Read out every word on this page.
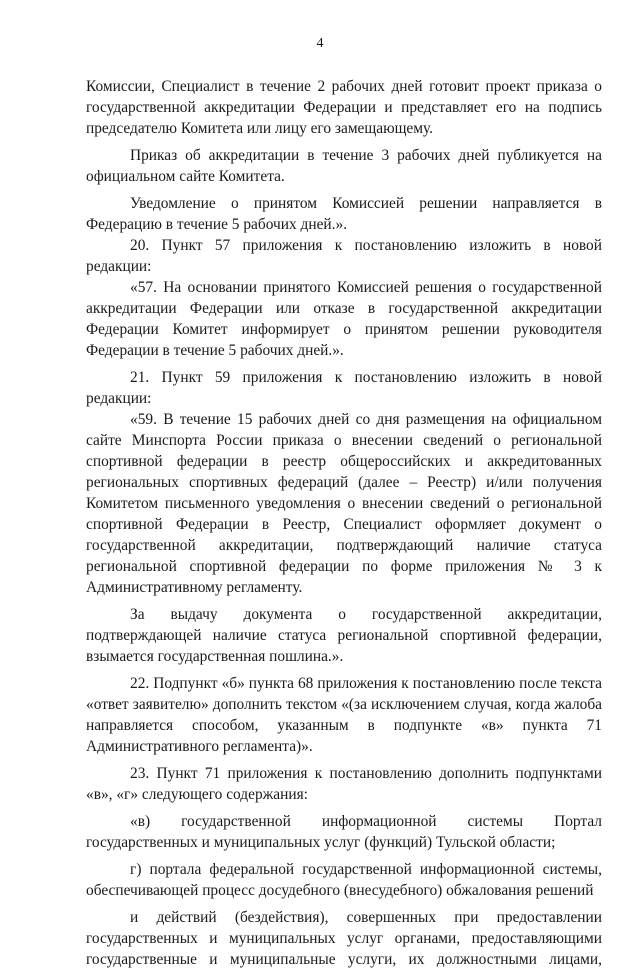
4

Комиссии, Специалист в течение 2 рабочих дней готовит проект приказа о государственной аккредитации Федерации и представляет его на подпись председателю Комитета или лицу его замещающему.

Приказ об аккредитации в течение 3 рабочих дней публикуется на официальном сайте Комитета.

Уведомление о принятом Комиссией решении направляется в Федерацию в течение 5 рабочих дней.».

20. Пункт 57 приложения к постановлению изложить в новой редакции:

«57. На основании принятого Комиссией решения о государственной аккредитации Федерации или отказе в государственной аккредитации Федерации Комитет информирует о принятом решении руководителя Федерации в течение 5 рабочих дней.».

21. Пункт 59 приложения к постановлению изложить в новой редакции:

«59. В течение 15 рабочих дней со дня размещения на официальном сайте Минспорта России приказа о внесении сведений о региональной спортивной федерации в реестр общероссийских и аккредитованных региональных спортивных федераций (далее – Реестр) и/или получения Комитетом письменного уведомления о внесении сведений о региональной спортивной Федерации в Реестр, Специалист оформляет документ о государственной аккредитации, подтверждающий наличие статуса региональной спортивной федерации по форме приложения № 3 к Административному регламенту.

За выдачу документа о государственной аккредитации, подтверждающей наличие статуса региональной спортивной федерации, взымается государственная пошлина.».

22. Подпункт «б» пункта 68 приложения к постановлению после текста «ответ заявителю» дополнить текстом «(за исключением случая, когда жалоба направляется способом, указанным в подпункте «в» пункта 71 Административного регламента)».

23. Пункт 71 приложения к постановлению дополнить подпунктами «в», «г» следующего содержания:

«в) государственной информационной системы Портал государственных и муниципальных услуг (функций) Тульской области;

г) портала федеральной государственной информационной системы, обеспечивающей процесс досудебного (внесудебного) обжалования решений

и действий (бездействия), совершенных при предоставлении государственных и муниципальных услуг органами, предоставляющими государственные и муниципальные услуги, их должностными лицами,
